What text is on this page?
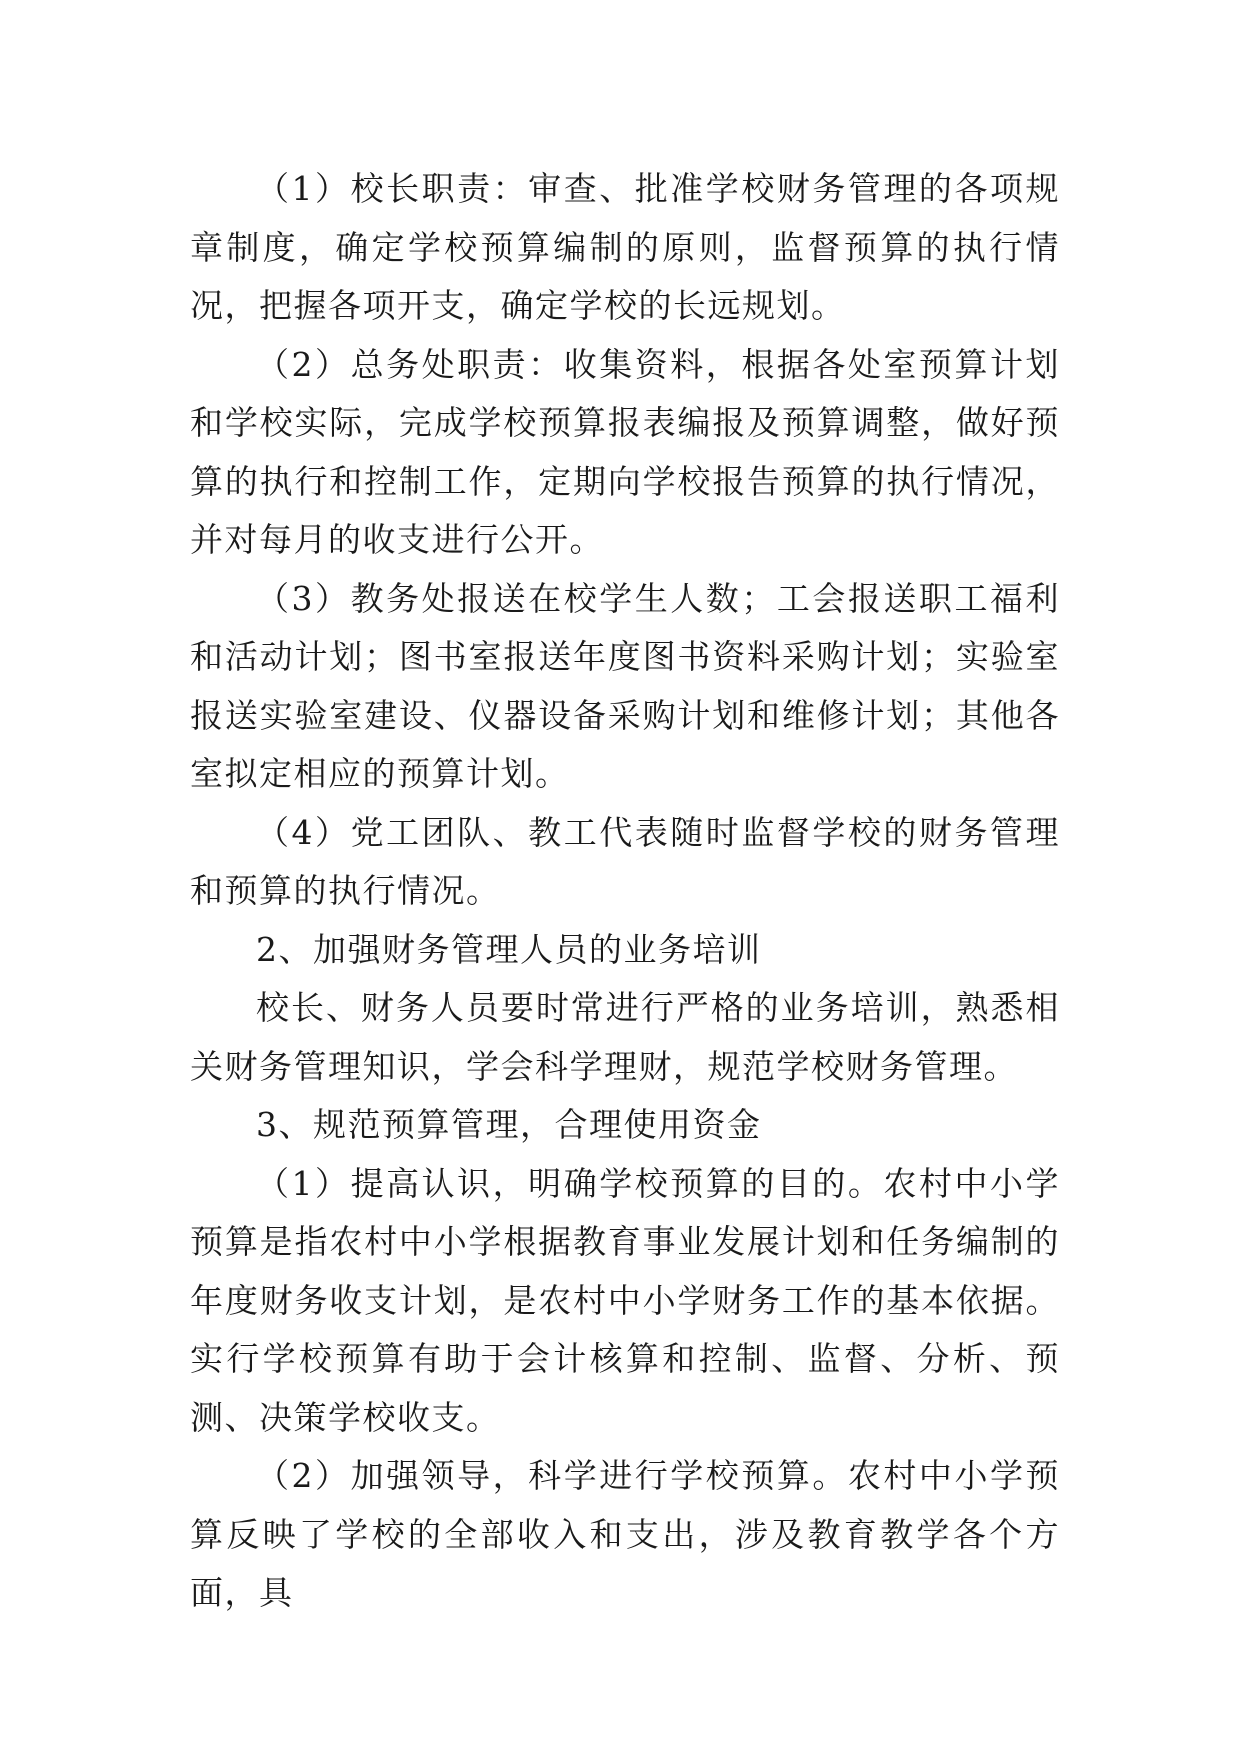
（1）校长职责：审查、批准学校财务管理的各项规章制度，确定学校预算编制的原则，监督预算的执行情况，把握各项开支，确定学校的长远规划。

（2）总务处职责：收集资料，根据各处室预算计划和学校实际，完成学校预算报表编报及预算调整，做好预算的执行和控制工作，定期向学校报告预算的执行情况，并对每月的收支进行公开。

（3）教务处报送在校学生人数；工会报送职工福利和活动计划；图书室报送年度图书资料采购计划；实验室报送实验室建设、仪器设备采购计划和维修计划；其他各室拟定相应的预算计划。

（4）党工团队、教工代表随时监督学校的财务管理和预算的执行情况。

2、加强财务管理人员的业务培训

校长、财务人员要时常进行严格的业务培训，熟悉相关财务管理知识，学会科学理财，规范学校财务管理。

3、规范预算管理，合理使用资金

（1）提高认识，明确学校预算的目的。农村中小学预算是指农村中小学根据教育事业发展计划和任务编制的年度财务收支计划，是农村中小学财务工作的基本依据。实行学校预算有助于会计核算和控制、监督、分析、预测、决策学校收支。

（2）加强领导，科学进行学校预算。农村中小学预算反映了学校的全部收入和支出，涉及教育教学各个方面，具
